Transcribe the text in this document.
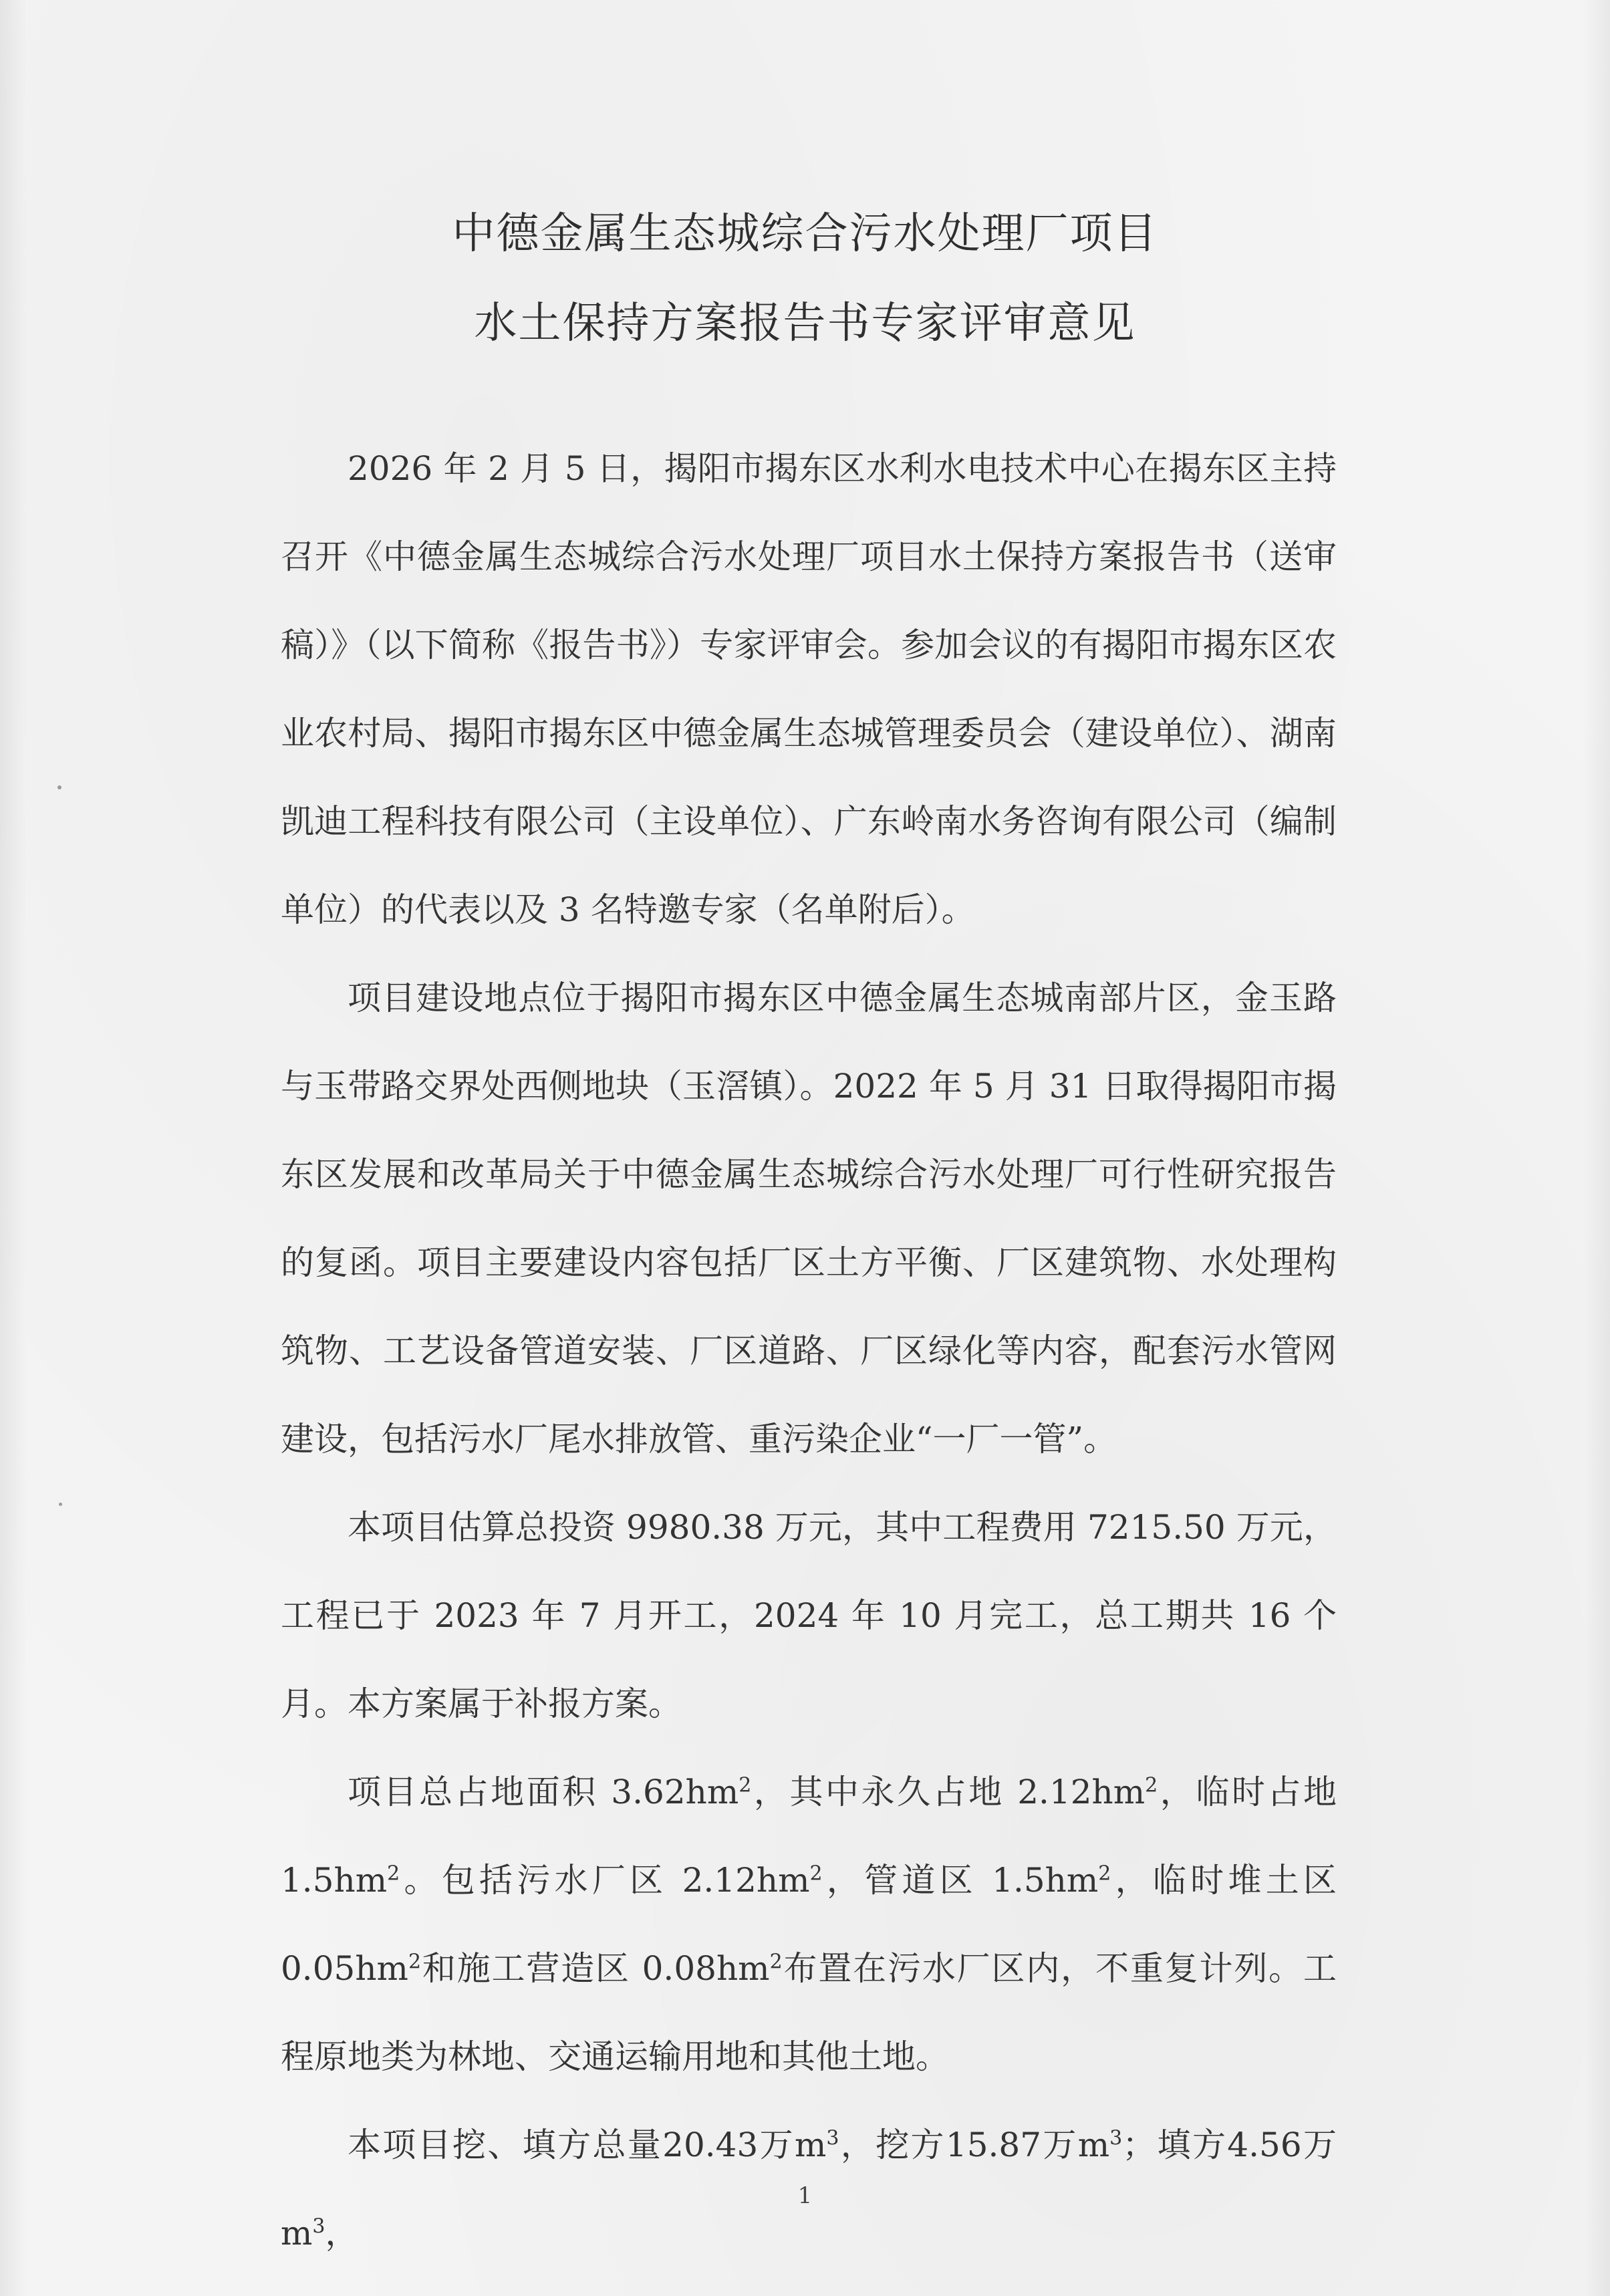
中德金属生态城综合污水处理厂项目
水土保持方案报告书专家评审意见

2026 年 2 月 5 日，揭阳市揭东区水利水电技术中心在揭东区主持召开《中德金属生态城综合污水处理厂项目水土保持方案报告书（送审稿）》（以下简称《报告书》）专家评审会。参加会议的有揭阳市揭东区农业农村局、揭阳市揭东区中德金属生态城管理委员会（建设单位）、湖南凯迪工程科技有限公司（主设单位）、广东岭南水务咨询有限公司（编制单位）的代表以及 3 名特邀专家（名单附后）。

项目建设地点位于揭阳市揭东区中德金属生态城南部片区，金玉路与玉带路交界处西侧地块（玉滘镇）。2022 年 5 月 31 日取得揭阳市揭东区发展和改革局关于中德金属生态城综合污水处理厂可行性研究报告的复函。项目主要建设内容包括厂区土方平衡、厂区建筑物、水处理构筑物、工艺设备管道安装、厂区道路、厂区绿化等内容，配套污水管网建设，包括污水厂尾水排放管、重污染企业“一厂一管”。

本项目估算总投资 9980.38 万元，其中工程费用 7215.50 万元，工程已于 2023 年 7 月开工，2024 年 10 月完工，总工期共 16 个月。本方案属于补报方案。

项目总占地面积 $3.62hm^2$，其中永久占地 $2.12hm^2$，临时占地 $1.5hm^2$。包括污水厂区 $2.12hm^2$，管道区 $1.5hm^2$，临时堆土区 $0.05hm^2$和施工营造区 $0.08hm^2$布置在污水厂区内，不重复计列。工程原地类为林地、交通运输用地和其他土地。

本项目挖、填方总量20.43万$m^3$，挖方15.87万$m^3$；填方4.56万$m^3$，

1
